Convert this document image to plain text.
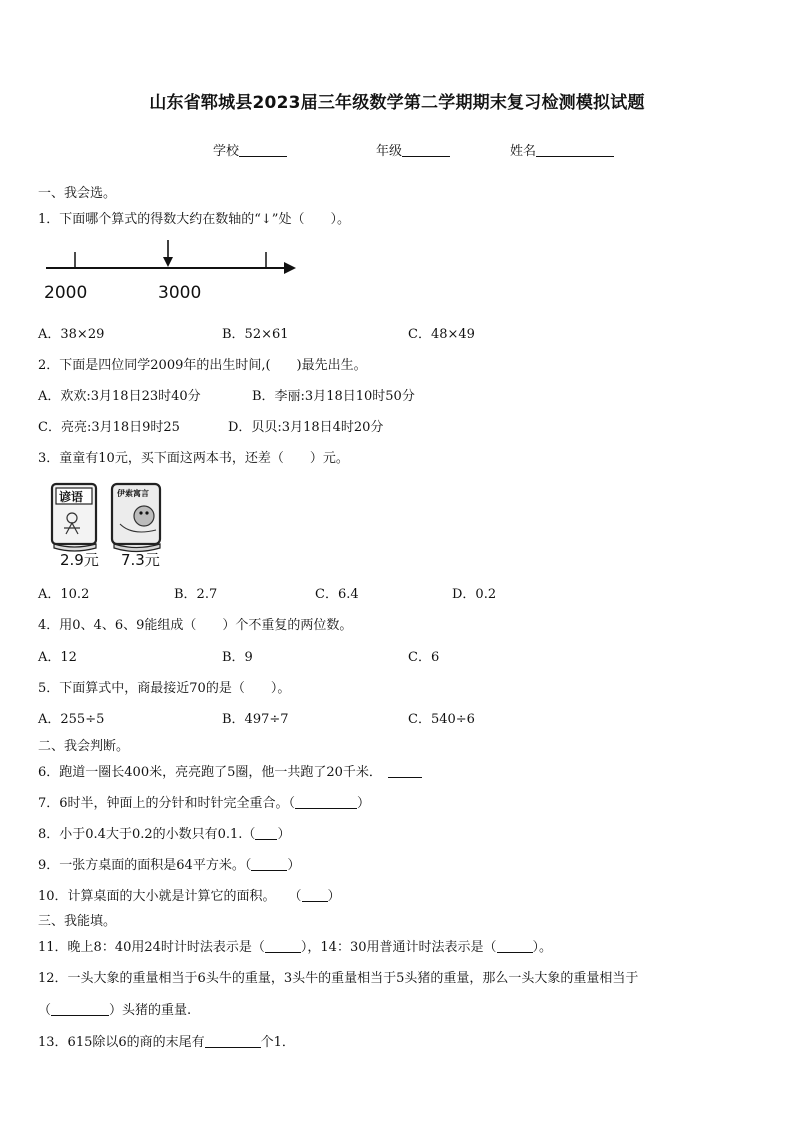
山东省郓城县2023届三年级数学第二学期期末复习检测模拟试题
学校	年级	姓名
一、我会选。
1．下面哪个算式的得数大约在数轴的“↓”处（　　）。
2000	3000
A．38×29	B．52×61	C．48×49
2．下面是四位同学2009年的出生时间,(　　)最先出生。
A．欢欢:3月18日23时40分	B．李丽:3月18日10时50分
C．亮亮:3月18日9时25	D．贝贝:3月18日4时20分
3．童童有10元，买下面这两本书，还差（　　）元。
谚语	伊索寓言
2.9元 7.3元
A．10.2	B．2.7	C．6.4	D．0.2
4．用0、4、6、9能组成（　　）个不重复的两位数。
A．12	B．9	C．6
5．下面算式中，商最接近70的是（　　）。
A．255÷5	B．497÷7	C．540÷6
二、我会判断。
6．跑道一圈长400米，亮亮跑了5圈，他一共跑了20千米．
7．6时半，钟面上的分针和时针完全重合。（	）
8．小于0.4大于0.2的小数只有0.1.（ ）
9．一张方桌面的面积是64平方米。（	）
10．计算桌面的大小就是计算它的面积。　　（ ）
三、我能填。
11．晚上8：40用24时计时法表示是（	），14：30用普通计时法表示是（	）。
12．一头大象的重量相当于6头牛的重量，3头牛的重量相当于5头猪的重量，那么一头大象的重量相当于
（	）头猪的重量.
13．615除以6的商的末尾有	个1．
